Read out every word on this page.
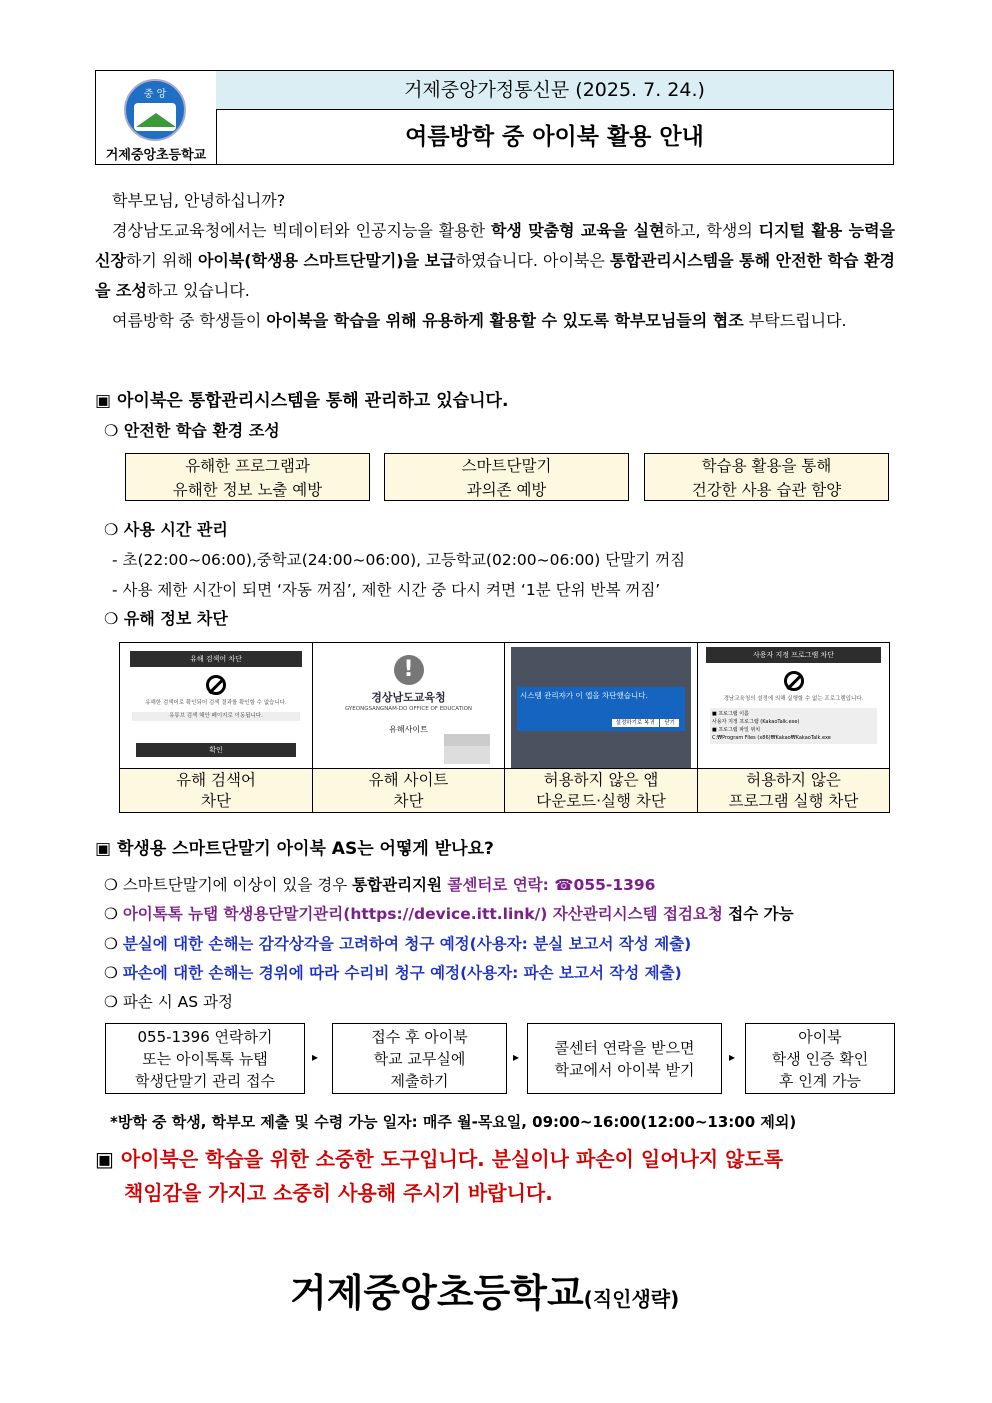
중 앙
거제중앙초등학교
거제중앙가정통신문 (2025. 7. 24.)
여름방학 중 아이북 활용 안내

학부모님, 안녕하십니까?

경상남도교육청에서는 빅데이터와 인공지능을 활용한 학생 맞춤형 교육을 실현하고, 학생의 디지털 활용 능력을 신장하기 위해 아이북(학생용 스마트단말기)을 보급하였습니다. 아이북은 통합관리시스템을 통해 안전한 학습 환경을 조성하고 있습니다.

여름방학 중 학생들이 아이북을 학습을 위해 유용하게 활용할 수 있도록 학부모님들의 협조 부탁드립니다.

▣ 아이북은 통합관리시스템을 통해 관리하고 있습니다.
❍ 안전한 학습 환경 조성
유해한 프로그램과
유해한 정보 노출 예방
스마트단말기
과의존 예방
학습용 활용을 통해
건강한 사용 습관 함양
❍ 사용 시간 관리
- 초(22:00~06:00),중학교(24:00~06:00), 고등학교(02:00~06:00) 단말기 꺼짐
- 사용 제한 시간이 되면 ‘자동 꺼짐’, 제한 시간 중 다시 켜면 ‘1분 단위 반복 꺼짐’
❍ 유해 정보 차단
유해 검색어 차단
유해한 검색어로 확인되어 검색 결과를 확인할 수 없습니다.
유튜브 검색 해안 페이지로 이동됩니다.
확인
유해 검색어
차단
!
경상남도교육청
GYEONGSANGNAM-DO OFFICE OF EDUCATION
유해사이트
유해 사이트
차단
시스템 관리자가 이 앱을 차단했습니다.
설정하기로 복귀 닫기
허용하지 않은 앱
다운로드·실행 차단
사용자 지정 프로그램 차단
경남교육청의 설정에 의해 실행할 수 없는 프로그램입니다.
■ 프로그램 이름
사용자 지정 프로그램 (KakaoTalk.exe)
■ 프로그램 파일 위치
C:₩Program Files (x86)₩Kakao₩KakaoTalk.exe
허용하지 않은
프로그램 실행 차단
▣ 학생용 스마트단말기 아이북 AS는 어떻게 받나요?
❍ 스마트단말기에 이상이 있을 경우 통합관리지원 콜센터로 연락: ☎055-1396
❍ 아이톡톡 뉴탭 학생용단말기관리(https://device.itt.link/) 자산관리시스템 접검요청 접수 가능
❍ 분실에 대한 손해는 감각상각을 고려하여 청구 예정(사용자: 분실 보고서 작성 제출)
❍ 파손에 대한 손해는 경위에 따라 수리비 청구 예정(사용자: 파손 보고서 작성 제출)
❍ 파손 시 AS 과정
055-1396 연락하기
또는 아이톡톡 뉴탭
학생단말기 관리 접수
▸
접수 후 아이북
학교 교무실에
제출하기
▸
콜센터 연락을 받으면
학교에서 아이북 받기
▸
아이북
학생 인증 확인
후 인계 가능
*방학 중 학생, 학부모 제출 및 수령 가능 일자: 매주 월-목요일, 09:00~16:00(12:00~13:00 제외)
▣ 아이북은 학습을 위한 소중한 도구입니다. 분실이나 파손이 일어나지 않도록
책임감을 가지고 소중히 사용해 주시기 바랍니다.
거제중앙초등학교(직인생략)
